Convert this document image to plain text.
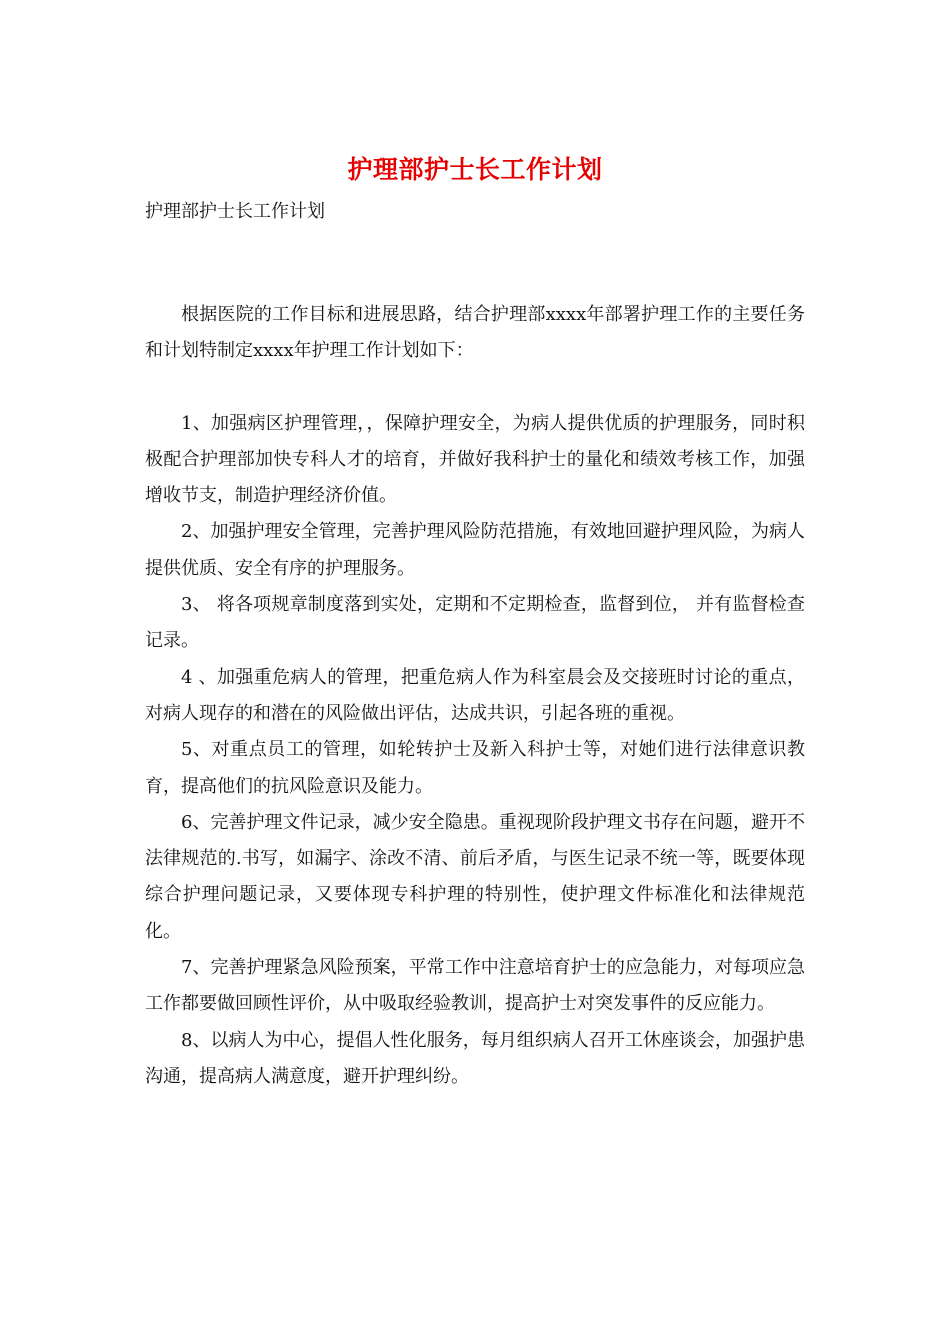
护理部护士长工作计划
护理部护士长工作计划

根据医院的工作目标和进展思路，结合护理部xxxx年部署护理工作的主要任务和计划特制定xxxx年护理工作计划如下：

1、加强病区护理管理，，保障护理安全，为病人提供优质的护理服务，同时积极配合护理部加快专科人才的培育，并做好我科护士的量化和绩效考核工作，加强增收节支，制造护理经济价值。

2、加强护理安全管理，完善护理风险防范措施，有效地回避护理风险，为病人提供优质、安全有序的护理服务。

3、 将各项规章制度落到实处，定期和不定期检查，监督到位， 并有监督检查记录。

4 、加强重危病人的管理，把重危病人作为科室晨会及交接班时讨论的重点，对病人现存的和潜在的风险做出评估，达成共识，引起各班的重视。

5、对重点员工的管理，如轮转护士及新入科护士等，对她们进行法律意识教育，提高他们的抗风险意识及能力。

6、完善护理文件记录，减少安全隐患。重视现阶段护理文书存在问题，避开不法律规范的.书写，如漏字、涂改不清、前后矛盾，与医生记录不统一等，既要体现综合护理问题记录，又要体现专科护理的特别性，使护理文件标准化和法律规范化。

7、完善护理紧急风险预案，平常工作中注意培育护士的应急能力，对每项应急工作都要做回顾性评价，从中吸取经验教训，提高护士对突发事件的反应能力。

8、以病人为中心，提倡人性化服务，每月组织病人召开工休座谈会，加强护患沟通，提高病人满意度，避开护理纠纷。
